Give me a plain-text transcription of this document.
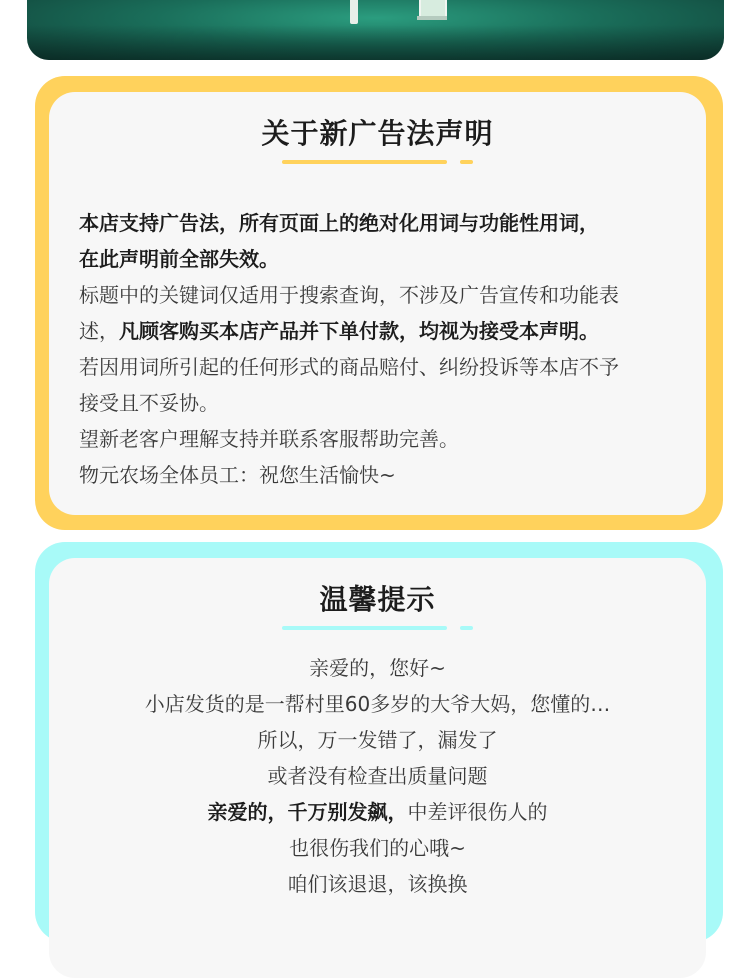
关于新广告法声明
本店支持广告法，所有页面上的绝对化用词与功能性用词，
在此声明前全部失效。
标题中的关键词仅适用于搜索查询，不涉及广告宣传和功能表
述，凡顾客购买本店产品并下单付款，均视为接受本声明。
若因用词所引起的任何形式的商品赔付、纠纷投诉等本店不予
接受且不妥协。
望新老客户理解支持并联系客服帮助完善。
物元农场全体员工：祝您生活愉快~
温馨提示
亲爱的，您好~
小店发货的是一帮村里60多岁的大爷大妈，您懂的…
所以，万一发错了，漏发了
或者没有检查出质量问题
亲爱的，千万别发飙，中差评很伤人的
也很伤我们的心哦~
咱们该退退，该换换
